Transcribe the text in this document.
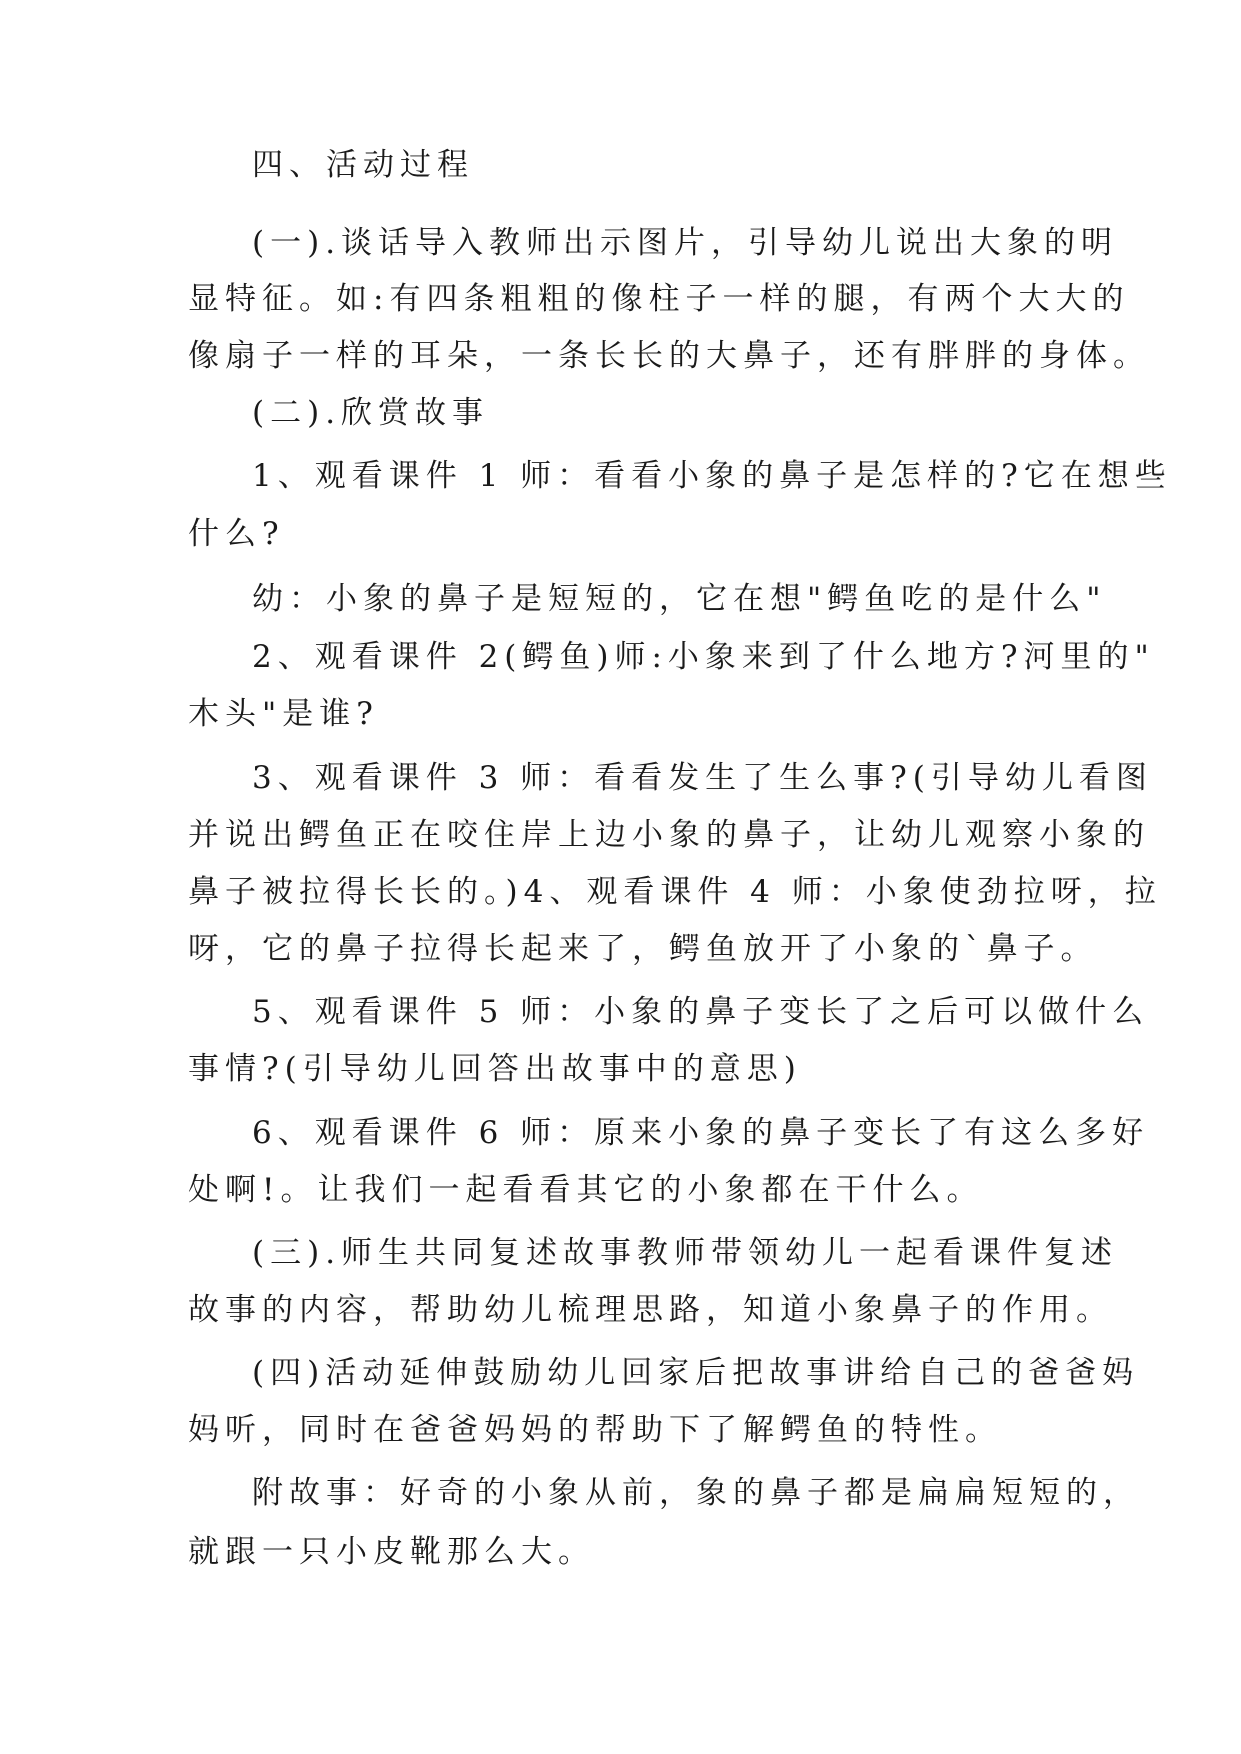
四、活动过程
(一).谈话导入教师出示图片，引导幼儿说出大象的明
显特征。如:有四条粗粗的像柱子一样的腿，有两个大大的
像扇子一样的耳朵，一条长长的大鼻子，还有胖胖的身体。
(二).欣赏故事
1、观看课件 1 师：看看小象的鼻子是怎样的?它在想些
什么?
幼：小象的鼻子是短短的，它在想"鳄鱼吃的是什么"
2、观看课件 2(鳄鱼)师:小象来到了什么地方?河里的"
木头"是谁?
3、观看课件 3 师：看看发生了生么事?(引导幼儿看图
并说出鳄鱼正在咬住岸上边小象的鼻子，让幼儿观察小象的
鼻子被拉得长长的。)4、观看课件 4 师：小象使劲拉呀，拉
呀，它的鼻子拉得长起来了，鳄鱼放开了小象的`鼻子。
5、观看课件 5 师：小象的鼻子变长了之后可以做什么
事情?(引导幼儿回答出故事中的意思)
6、观看课件 6 师：原来小象的鼻子变长了有这么多好
处啊!。让我们一起看看其它的小象都在干什么。
(三).师生共同复述故事教师带领幼儿一起看课件复述
故事的内容，帮助幼儿梳理思路，知道小象鼻子的作用。
(四)活动延伸鼓励幼儿回家后把故事讲给自己的爸爸妈
妈听，同时在爸爸妈妈的帮助下了解鳄鱼的特性。
附故事：好奇的小象从前，象的鼻子都是扁扁短短的，
就跟一只小皮靴那么大。
